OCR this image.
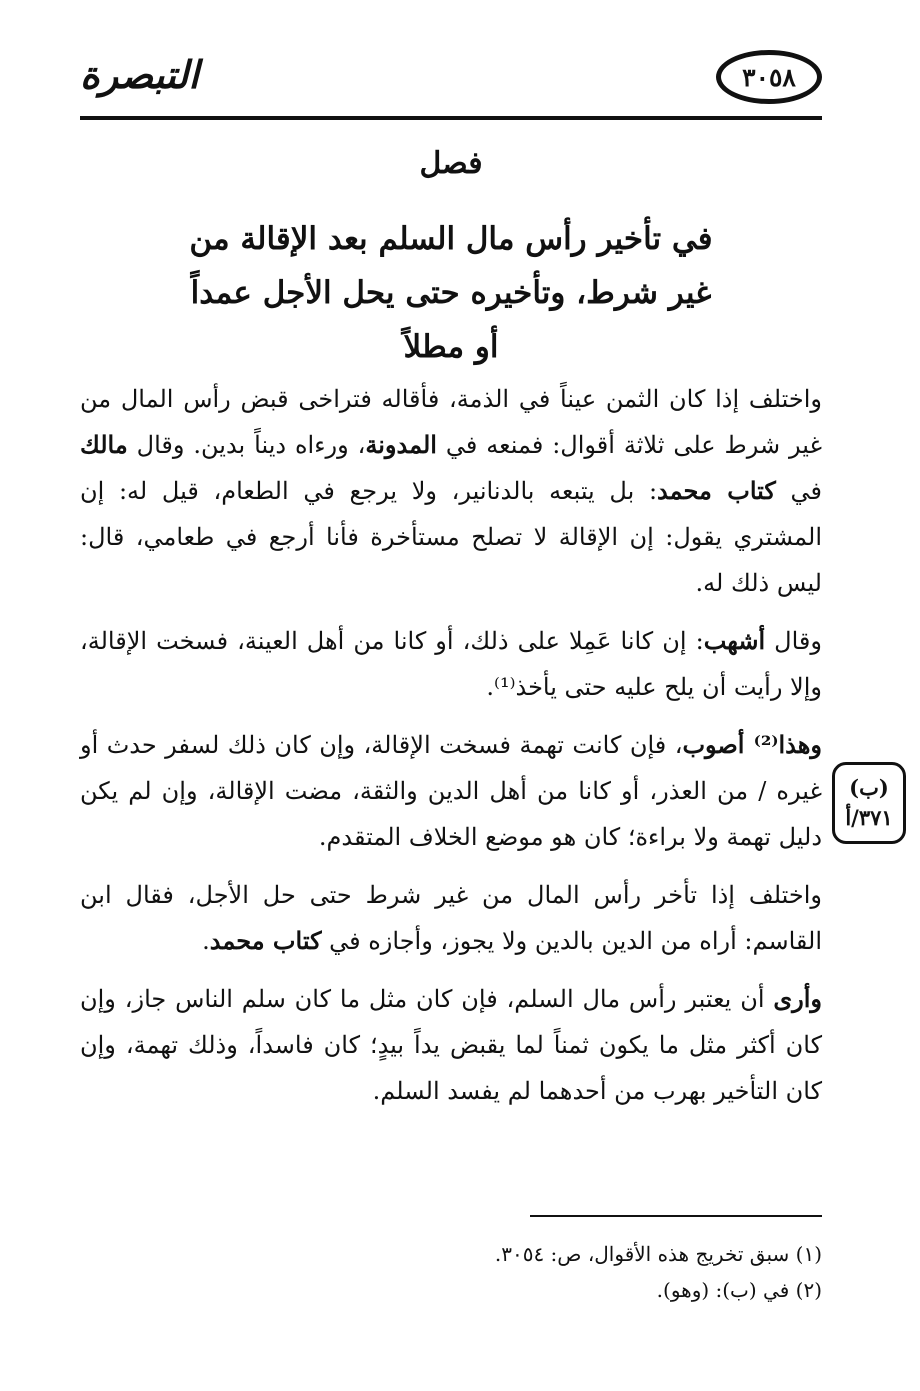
التبصرة	٣٠٥٨
فصل
في تأخير رأس مال السلم بعد الإقالة من
غير شرط، وتأخيره حتى يحل الأجل عمداً
أو مطلاً

واختلف إذا كان الثمن عيناً في الذمة، فأقاله فتراخى قبض رأس المال من غير شرط على ثلاثة أقوال: فمنعه في المدونة، ورءاه ديناً بدين. وقال مالك في كتاب محمد: بل يتبعه بالدنانير، ولا يرجع في الطعام، قيل له: إن المشتري يقول: إن الإقالة لا تصلح مستأخرة فأنا أرجع في طعامي، قال: ليس ذلك له.

وقال أشهب: إن كانا عَمِلا على ذلك، أو كانا من أهل العينة، فسخت الإقالة، وإلا رأيت أن يلح عليه حتى يأخذ⁽¹⁾.

وهذا⁽²⁾ أصوب، فإن كانت تهمة فسخت الإقالة، وإن كان ذلك لسفر حدث أو غيره / من العذر، أو كانا من أهل الدين والثقة، مضت الإقالة، وإن لم يكن دليل تهمة ولا براءة؛ كان هو موضع الخلاف المتقدم.

واختلف إذا تأخر رأس المال من غير شرط حتى حل الأجل، فقال ابن القاسم: أراه من الدين بالدين ولا يجوز، وأجازه في كتاب محمد.

وأرى أن يعتبر رأس مال السلم، فإن كان مثل ما كان سلم الناس جاز، وإن كان أكثر مثل ما يكون ثمناً لما يقبض يداً بيدٍ؛ كان فاسداً، وذلك تهمة، وإن كان التأخير بهرب من أحدهما لم يفسد السلم.

(ب)
٣٧١/أ
(١) سبق تخريج هذه الأقوال، ص: ٣٠٥٤.
(٢) في (ب): (وهو).
